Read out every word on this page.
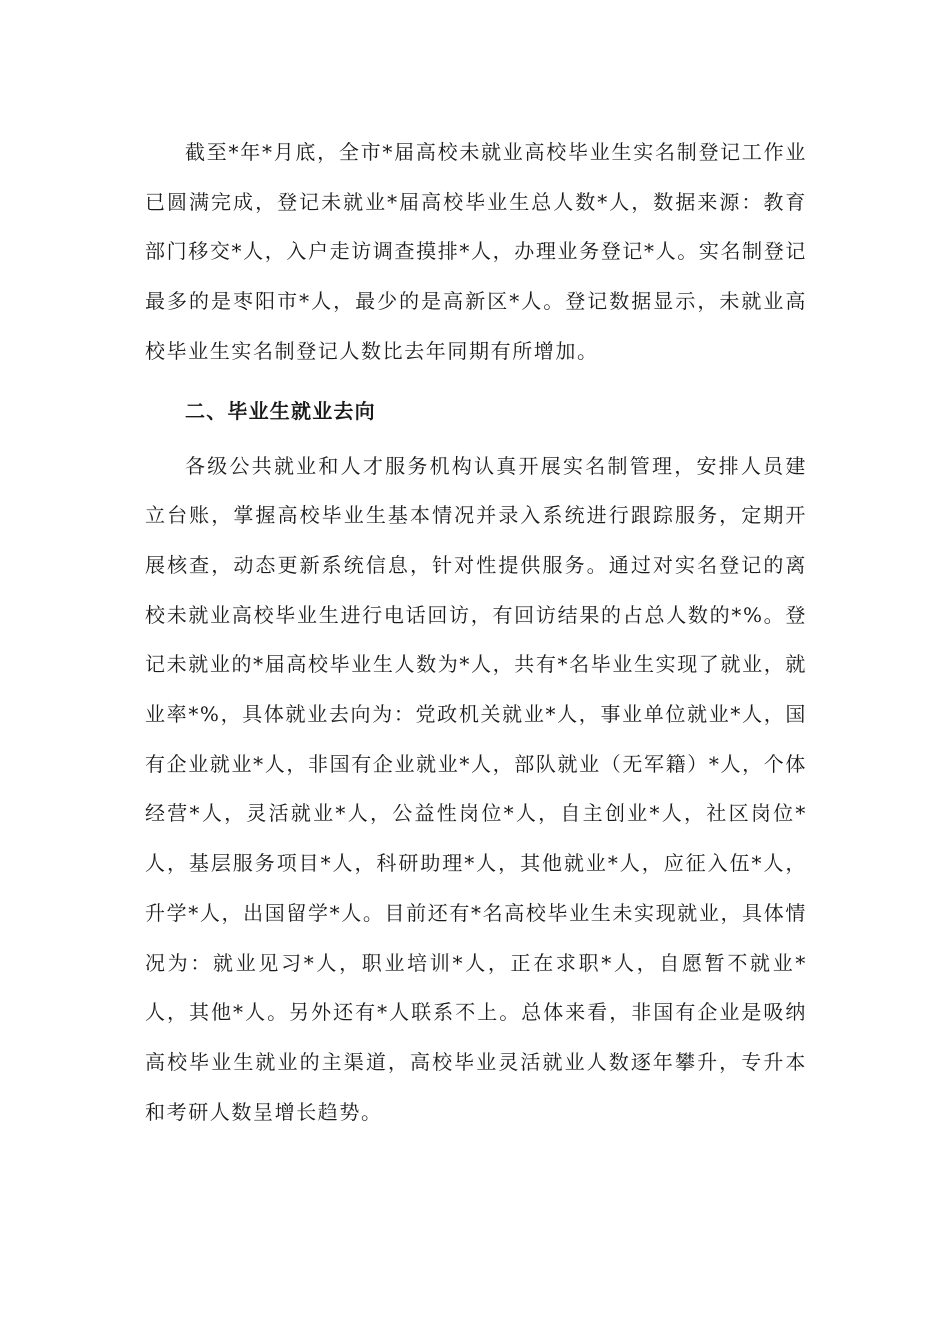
截至*年*月底，全市*届高校未就业高校毕业生实名制登记工作业已圆满完成，登记未就业*届高校毕业生总人数*人，数据来源：教育部门移交*人，入户走访调查摸排*人，办理业务登记*人。实名制登记最多的是枣阳市*人，最少的是高新区*人。登记数据显示，未就业高校毕业生实名制登记人数比去年同期有所增加。

二、毕业生就业去向

各级公共就业和人才服务机构认真开展实名制管理，安排人员建立台账，掌握高校毕业生基本情况并录入系统进行跟踪服务，定期开展核查，动态更新系统信息，针对性提供服务。通过对实名登记的离校未就业高校毕业生进行电话回访，有回访结果的占总人数的*%。登记未就业的*届高校毕业生人数为*人，共有*名毕业生实现了就业，就业率*%，具体就业去向为：党政机关就业*人，事业单位就业*人，国有企业就业*人，非国有企业就业*人，部队就业（无军籍）*人，个体经营*人，灵活就业*人，公益性岗位*人，自主创业*人，社区岗位*人，基层服务项目*人，科研助理*人，其他就业*人，应征入伍*人，升学*人，出国留学*人。目前还有*名高校毕业生未实现就业，具体情况为：就业见习*人，职业培训*人，正在求职*人，自愿暂不就业*人，其他*人。另外还有*人联系不上。总体来看，非国有企业是吸纳高校毕业生就业的主渠道，高校毕业灵活就业人数逐年攀升，专升本和考研人数呈增长趋势。
